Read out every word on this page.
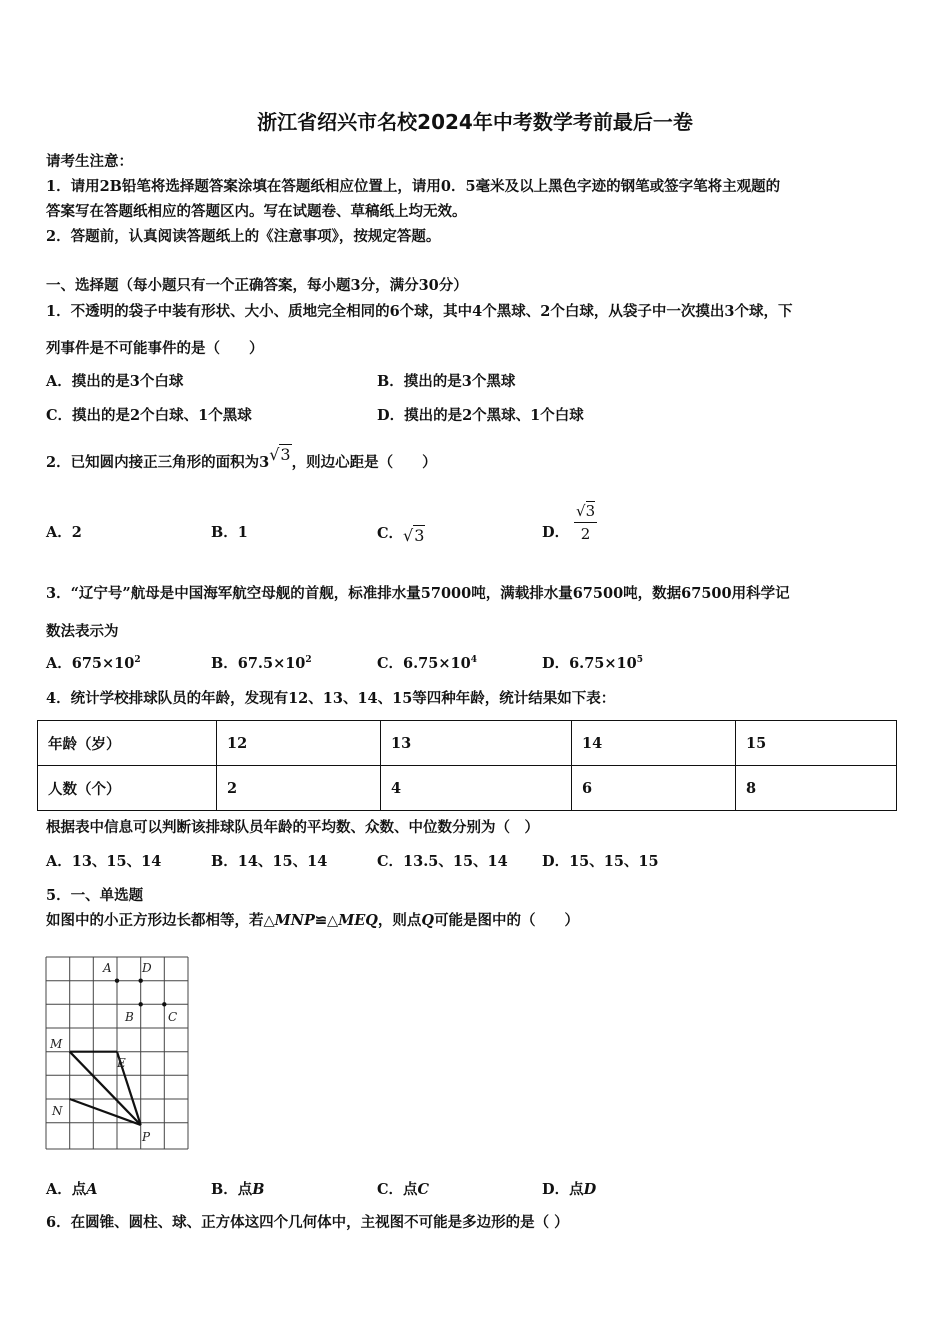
浙江省绍兴市名校2024年中考数学考前最后一卷
请考生注意：
1．请用2B铅笔将选择题答案涂填在答题纸相应位置上，请用0．5毫米及以上黑色字迹的钢笔或签字笔将主观题的
答案写在答题纸相应的答题区内。写在试题卷、草稿纸上均无效。
2．答题前，认真阅读答题纸上的《注意事项》，按规定答题。
一、选择题（每小题只有一个正确答案，每小题3分，满分30分）
1．不透明的袋子中装有形状、大小、质地完全相同的6个球，其中4个黑球、2个白球，从袋子中一次摸出3个球，下
列事件是不可能事件的是（　　）
A．摸出的是3个白球	B．摸出的是3个黑球
C．摸出的是2个白球、1个黑球	D．摸出的是2个黑球、1个白球
2．已知圆内接正三角形的面积为3√3，则边心距是（　　）
A．2	B．1	C．√3	D． $\frac{√3}{2}$
3．“辽宁号”航母是中国海军航空母舰的首舰，标准排水量57000吨，满载排水量67500吨，数据67500用科学记
数法表示为
A．$675\times 10^2$	B．$67.5\times 10^2$	C．$6.75\times 10^4$	D．$6.75\times 10^5$
4．统计学校排球队员的年龄，发现有12、13、14、15等四种年龄，统计结果如下表：
年龄（岁）	12	13	14	15
人数（个）	2	4	6	8
根据表中信息可以判断该排球队员年龄的平均数、众数、中位数分别为（　）
A．13、15、14	B．14、15、14	C．13.5、15、14 D．15、15、15
5．一、单选题
如图中的小正方形边长都相等，若△MNP≌△MEQ，则点Q可能是图中的（　　）
A	D
B	C
M
E
N
P
A．点A	B．点B	C．点C	D．点D
6．在圆锥、圆柱、球、正方体这四个几何体中，主视图不可能是多边形的是（ ）
